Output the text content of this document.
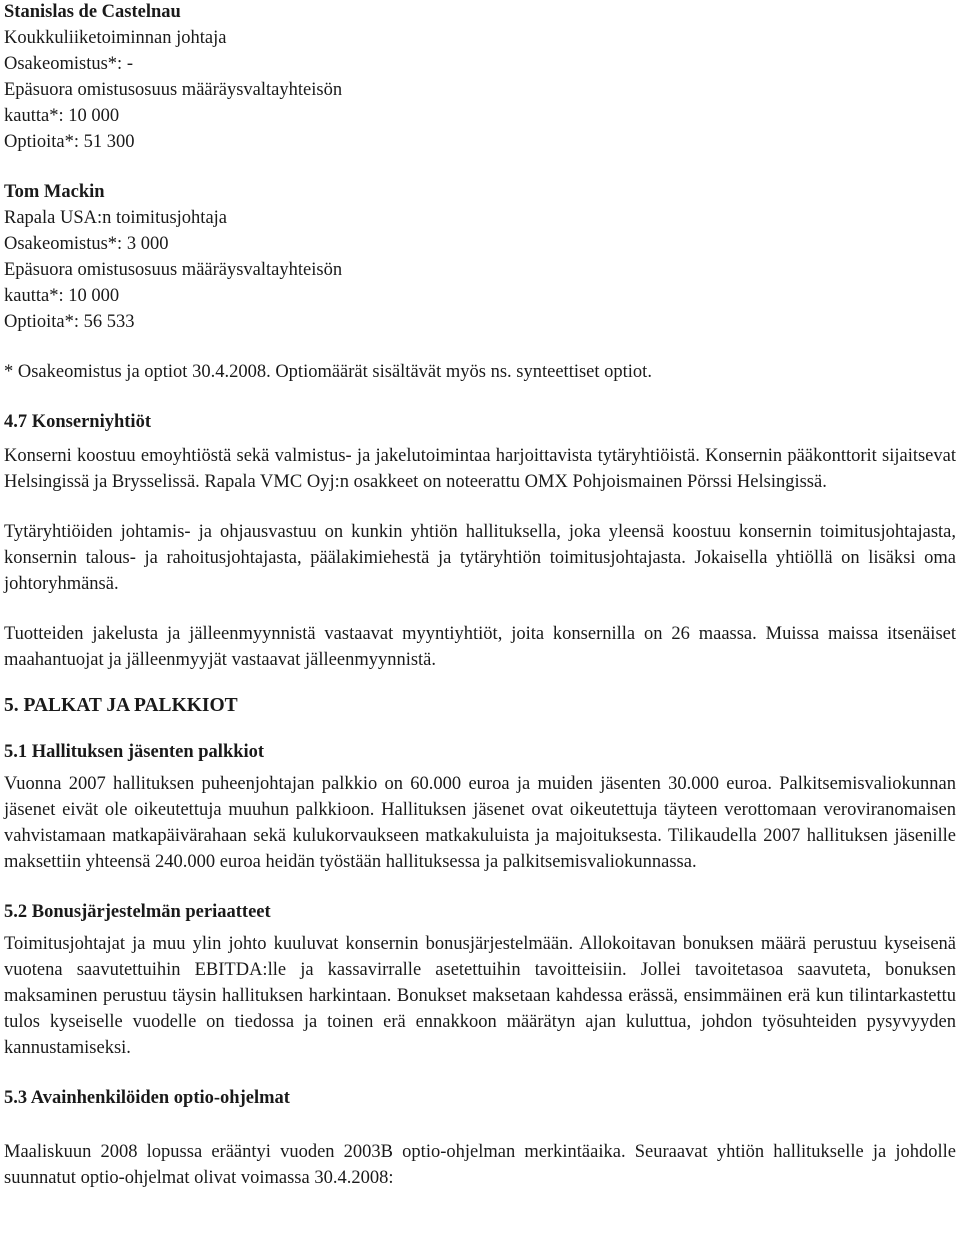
Stanislas de Castelnau

Koukkuliiketoiminnan johtaja

Osakeomistus*: -

Epäsuora omistusosuus määräysvaltayhteisön

kautta*: 10 000

Optioita*: 51 300

Tom Mackin

Rapala USA:n toimitusjohtaja

Osakeomistus*: 3 000

Epäsuora omistusosuus määräysvaltayhteisön

kautta*: 10 000

Optioita*: 56 533

* Osakeomistus ja optiot 30.4.2008. Optiomäärät sisältävät myös ns. synteettiset optiot.

4.7 Konserniyhtiöt

Konserni koostuu emoyhtiöstä sekä valmistus- ja jakelutoimintaa harjoittavista tytäryhtiöistä. Konsernin pääkonttorit sijaitsevat Helsingissä ja Brysselissä. Rapala VMC Oyj:n osakkeet on noteerattu OMX Pohjoismainen Pörssi Helsingissä.

Tytäryhtiöiden johtamis- ja ohjausvastuu on kunkin yhtiön hallituksella, joka yleensä koostuu konsernin toimitusjohtajasta, konsernin talous- ja rahoitusjohtajasta, päälakimiehestä ja tytäryhtiön toimitusjohtajasta. Jokaisella yhtiöllä on lisäksi oma johtoryhmänsä.

Tuotteiden jakelusta ja jälleenmyynnistä vastaavat myyntiyhtiöt, joita konsernilla on 26 maassa. Muissa maissa itsenäiset maahantuojat ja jälleenmyyjät vastaavat jälleenmyynnistä.

5. PALKAT JA PALKKIOT

5.1 Hallituksen jäsenten palkkiot

Vuonna 2007 hallituksen puheenjohtajan palkkio on 60.000 euroa ja muiden jäsenten 30.000 euroa. Palkitsemisvaliokunnan jäsenet eivät ole oikeutettuja muuhun palkkioon. Hallituksen jäsenet ovat oikeutettuja täyteen verottomaan veroviranomaisen vahvistamaan matkapäivärahaan sekä kulukorvaukseen matkakuluista ja majoituksesta. Tilikaudella 2007 hallituksen jäsenille maksettiin yhteensä 240.000 euroa heidän työstään hallituksessa ja palkitsemisvaliokunnassa.

5.2 Bonusjärjestelmän periaatteet

Toimitusjohtajat ja muu ylin johto kuuluvat konsernin bonusjärjestelmään. Allokoitavan bonuksen määrä perustuu kyseisenä vuotena saavutettuihin EBITDA:lle ja kassavirralle asetettuihin tavoitteisiin. Jollei tavoitetasoa saavuteta, bonuksen maksaminen perustuu täysin hallituksen harkintaan. Bonukset maksetaan kahdessa erässä, ensimmäinen erä kun tilintarkastettu tulos kyseiselle vuodelle on tiedossa ja toinen erä ennakkoon määrätyn ajan kuluttua, johdon työsuhteiden pysyvyyden kannustamiseksi.

5.3 Avainhenkilöiden optio-ohjelmat

Maaliskuun 2008 lopussa erääntyi vuoden 2003B optio-ohjelman merkintäaika. Seuraavat yhtiön hallitukselle ja johdolle suunnatut optio-ohjelmat olivat voimassa 30.4.2008:
